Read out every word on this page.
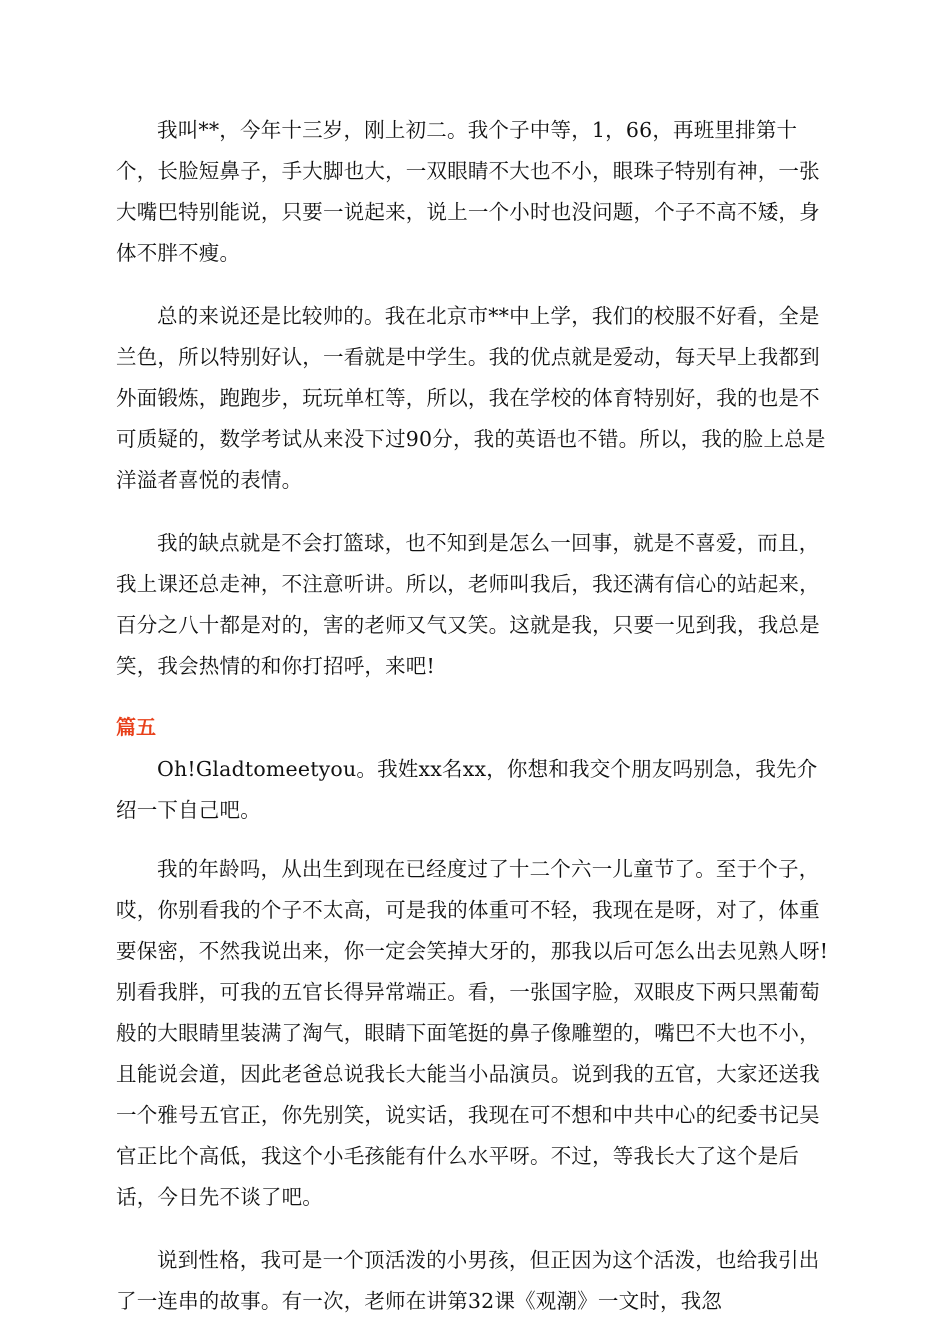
我叫**，今年十三岁，刚上初二。我个子中等，1，66，再班里排第十个，长脸短鼻子，手大脚也大，一双眼睛不大也不小，眼珠子特别有神，一张大嘴巴特别能说，只要一说起来，说上一个小时也没问题，个子不高不矮，身体不胖不瘦。

总的来说还是比较帅的。我在北京市**中上学，我们的校服不好看，全是兰色，所以特别好认，一看就是中学生。我的优点就是爱动，每天早上我都到外面锻炼，跑跑步，玩玩单杠等，所以，我在学校的体育特别好，我的也是不可质疑的，数学考试从来没下过90分，我的英语也不错。所以，我的脸上总是洋溢者喜悦的表情。

我的缺点就是不会打篮球，也不知到是怎么一回事，就是不喜爱，而且，我上课还总走神，不注意听讲。所以，老师叫我后，我还满有信心的站起来，百分之八十都是对的，害的老师又气又笑。这就是我，只要一见到我，我总是笑，我会热情的和你打招呼，来吧!

篇五

Oh!Gladtomeetyou。我姓xx名xx，你想和我交个朋友吗别急，我先介绍一下自己吧。

我的年龄吗，从出生到现在已经度过了十二个六一儿童节了。至于个子，哎，你别看我的个子不太高，可是我的体重可不轻，我现在是呀，对了，体重要保密，不然我说出来，你一定会笑掉大牙的，那我以后可怎么出去见熟人呀!别看我胖，可我的五官长得异常端正。看，一张国字脸，双眼皮下两只黑葡萄般的大眼睛里装满了淘气，眼睛下面笔挺的鼻子像雕塑的，嘴巴不大也不小，且能说会道，因此老爸总说我长大能当小品演员。说到我的五官，大家还送我一个雅号五官正，你先别笑，说实话，我现在可不想和中共中心的纪委书记吴官正比个高低，我这个小毛孩能有什么水平呀。不过，等我长大了这个是后话，今日先不谈了吧。

说到性格，我可是一个顶活泼的小男孩，但正因为这个活泼，也给我引出了一连串的故事。有一次，老师在讲第32课《观潮》一文时，我忽
